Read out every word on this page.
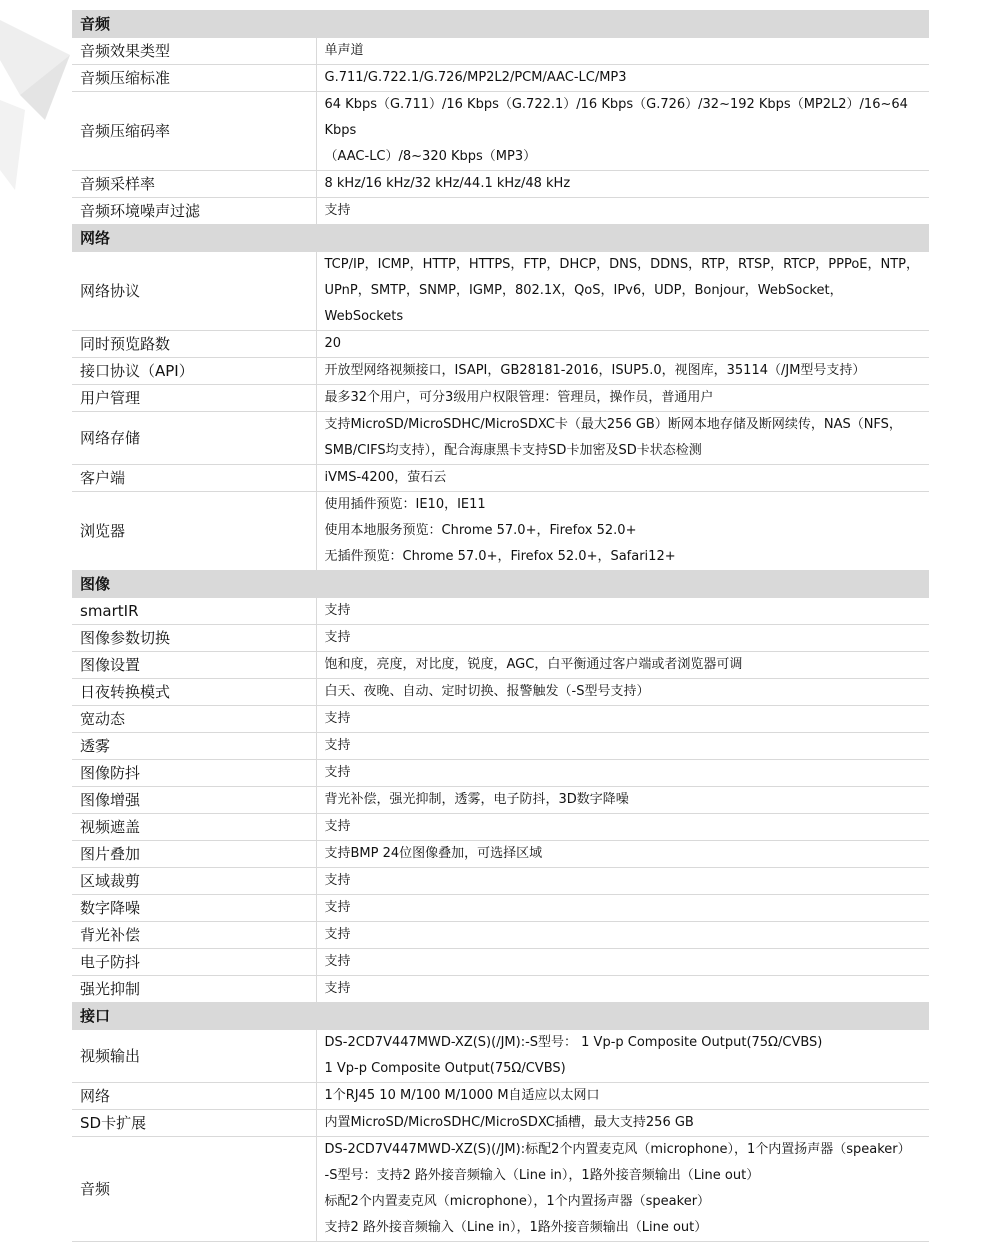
音频	
音频效果类型	单声道

音频压缩标准	G.711/G.722.1/G.726/MP2L2/PCM/AAC-LC/MP3

音频压缩码率	64 Kbps（G.711）/16 Kbps（G.722.1）/16 Kbps（G.726）/32~192 Kbps（MP2L2）/16~64 Kbps
（AAC-LC）/8~320 Kbps（MP3）

音频采样率	8 kHz/16 kHz/32 kHz/44.1 kHz/48 kHz

音频环境噪声过滤	支持

网络	
网络协议	TCP/IP，ICMP，HTTP，HTTPS，FTP，DHCP，DNS，DDNS，RTP，RTSP，RTCP，PPPoE，NTP，
UPnP，SMTP，SNMP，IGMP，802.1X，QoS，IPv6，UDP，Bonjour，WebSocket，WebSockets

同时预览路数	20

接口协议（API）	开放型网络视频接口，ISAPI，GB28181-2016，ISUP5.0，视图库，35114（/JM型号支持）

用户管理	最多32个用户，可分3级用户权限管理：管理员，操作员，普通用户

网络存储	支持MicroSD/MicroSDHC/MicroSDXC卡（最大256 GB）断网本地存储及断网续传，NAS（NFS，
SMB/CIFS均支持），配合海康黑卡支持SD卡加密及SD卡状态检测

客户端	iVMS-4200，萤石云

浏览器	使用插件预览：IE10，IE11
使用本地服务预览：Chrome 57.0+，Firefox 52.0+
无插件预览：Chrome 57.0+，Firefox 52.0+，Safari12+

图像	
smartIR	支持

图像参数切换	支持

图像设置	饱和度，亮度，对比度，锐度，AGC，白平衡通过客户端或者浏览器可调

日夜转换模式	白天、夜晚、自动、定时切换、报警触发（-S型号支持）

宽动态	支持

透雾	支持

图像防抖	支持

图像增强	背光补偿，强光抑制，透雾，电子防抖，3D数字降噪

视频遮盖	支持

图片叠加	支持BMP 24位图像叠加，可选择区域

区域裁剪	支持

数字降噪	支持

背光补偿	支持

电子防抖	支持

强光抑制	支持

接口	
视频输出	DS-2CD7V447MWD-XZ(S)(/JM):-S型号： 1 Vp-p Composite Output(75Ω/CVBS)
1 Vp-p Composite Output(75Ω/CVBS)

网络	1个RJ45 10 M/100 M/1000 M自适应以太网口

SD卡扩展	内置MicroSD/MicroSDHC/MicroSDXC插槽，最大支持256 GB

音频	DS-2CD7V447MWD-XZ(S)(/JM):标配2个内置麦克风（microphone），1个内置扬声器（speaker）
-S型号：支持2 路外接音频输入（Line in），1路外接音频输出（Line out）
标配2个内置麦克风（microphone），1个内置扬声器（speaker）
支持2 路外接音频输入（Line in），1路外接音频输出（Line out）
